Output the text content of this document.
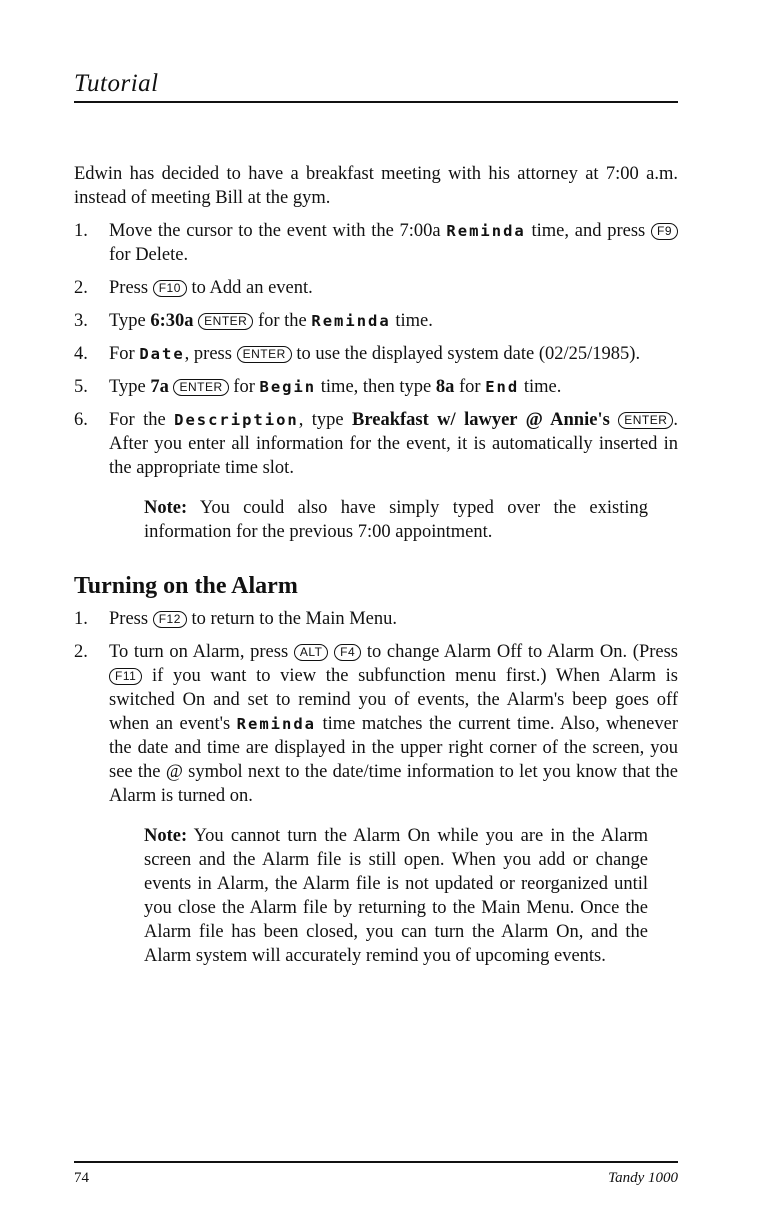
Tutorial

Edwin has decided to have a breakfast meeting with his attorney at 7:00 a.m. instead of meeting Bill at the gym.

1.	Move the cursor to the event with the 7:00a Reminda time, and press F9 for Delete.
2.	Press F10 to Add an event.
3.	Type 6:30a ENTER for the Reminda time.
4.	For Date, press ENTER to use the displayed system date (02/25/1985).
5.	Type 7a ENTER for Begin time, then type 8a for End time.
6.	For the Description, type Breakfast w/ lawyer @ Annie's ENTER . After you enter all information for the event, it is automatically inserted in the appropriate time slot.

Note: You could also have simply typed over the existing information for the previous 7:00 appointment.

Turning on the Alarm
1.	Press F12 to return to the Main Menu.
2.	To turn on Alarm, press ALT F4 to change Alarm Off to Alarm On. (Press F11 if you want to view the subfunction menu first.) When Alarm is switched On and set to remind you of events, the Alarm's beep goes off when an event's Reminda time matches the current time. Also, whenever the date and time are displayed in the upper right corner of the screen, you see the @ symbol next to the date/time information to let you know that the Alarm is turned on.

Note: You cannot turn the Alarm On while you are in the Alarm screen and the Alarm file is still open. When you add or change events in Alarm, the Alarm file is not updated or reorganized until you close the Alarm file by returning to the Main Menu. Once the Alarm file has been closed, you can turn the Alarm On, and the Alarm system will accurately remind you of upcoming events.

74	Tandy 1000
